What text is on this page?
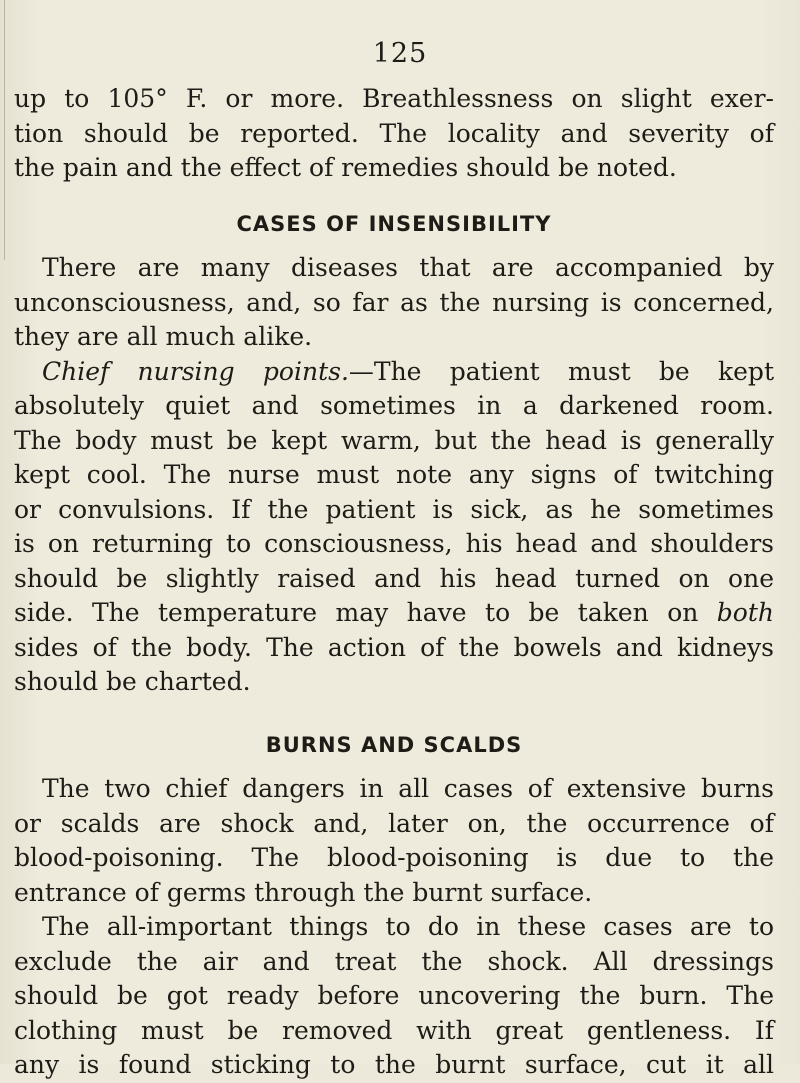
125
up to 105° F. or more. Breathlessness on slight exer-
tion should be reported. The locality and severity of
the pain and the effect of remedies should be noted.
CASES OF INSENSIBILITY
There are many diseases that are accompanied by
unconsciousness, and, so far as the nursing is concerned,
they are all much alike.
Chief nursing points.—The patient must be kept
absolutely quiet and sometimes in a darkened room.
The body must be kept warm, but the head is generally
kept cool. The nurse must note any signs of twitching
or convulsions. If the patient is sick, as he sometimes
is on returning to consciousness, his head and shoulders
should be slightly raised and his head turned on one
side. The temperature may have to be taken on both
sides of the body. The action of the bowels and kidneys
should be charted.
BURNS AND SCALDS
The two chief dangers in all cases of extensive burns
or scalds are shock and, later on, the occurrence of
blood-poisoning. The blood-poisoning is due to the
entrance of germs through the burnt surface.
The all-important things to do in these cases are to
exclude the air and treat the shock. All dressings
should be got ready before uncovering the burn. The
clothing must be removed with great gentleness. If
any is found sticking to the burnt surface, cut it all
